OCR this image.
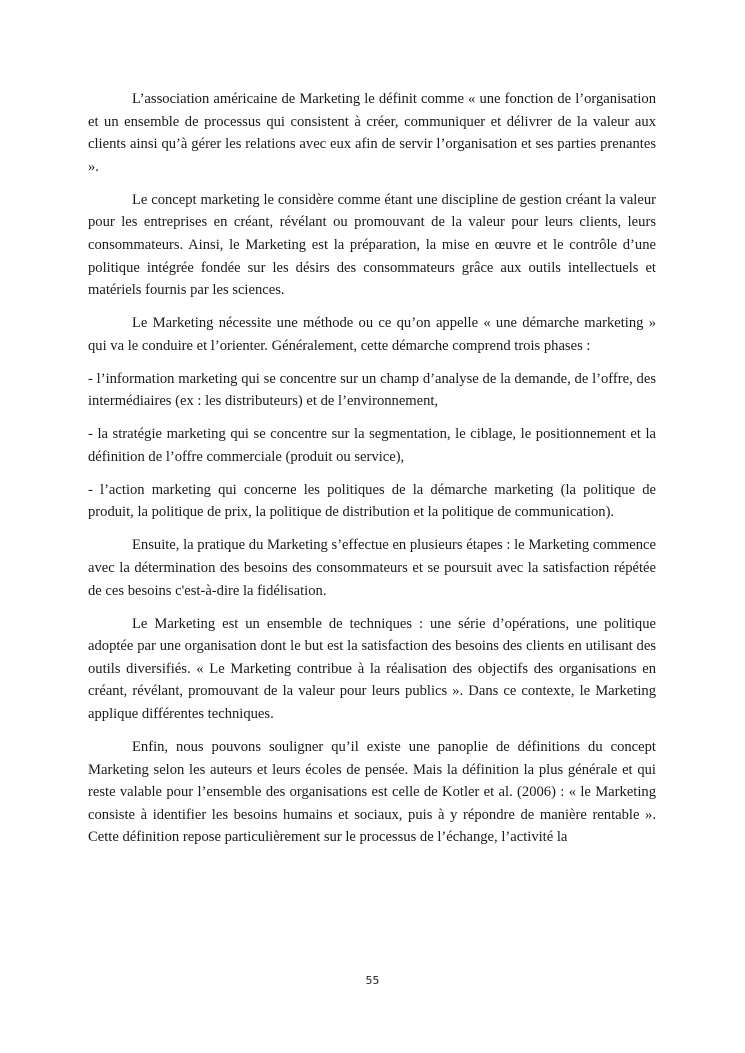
L’association américaine de Marketing le définit comme « une fonction de l’organisation et un ensemble de processus qui consistent à créer, communiquer et délivrer de la valeur aux clients ainsi qu’à gérer les relations avec eux afin de servir l’organisation et ses parties prenantes ».

Le concept marketing le considère comme étant une discipline de gestion créant la valeur pour les entreprises en créant, révélant ou promouvant de la valeur pour leurs clients, leurs consommateurs. Ainsi, le Marketing est la préparation, la mise en œuvre et le contrôle d’une politique intégrée fondée sur les désirs des consommateurs grâce aux outils intellectuels et matériels fournis par les sciences.

Le Marketing nécessite une méthode ou ce qu’on appelle « une démarche marketing » qui va le conduire et l’orienter. Généralement, cette démarche comprend trois phases :

- l’information marketing qui se concentre sur un champ d’analyse de la demande, de l’offre, des intermédiaires (ex : les distributeurs) et de l’environnement,

- la stratégie marketing qui se concentre sur la segmentation, le ciblage, le positionnement et la définition de l’offre commerciale (produit ou service),

- l’action marketing qui concerne les politiques de la démarche marketing (la politique de produit, la politique de prix, la politique de distribution et la politique de communication).

Ensuite, la pratique du Marketing s’effectue en plusieurs étapes : le Marketing commence avec la détermination des besoins des consommateurs et se poursuit avec la satisfaction répétée de ces besoins c'est-à-dire la fidélisation.

Le Marketing est un ensemble de techniques : une série d’opérations, une politique adoptée par une organisation dont le but est la satisfaction des besoins des clients en utilisant des outils diversifiés. « Le Marketing contribue à la réalisation des objectifs des organisations en créant, révélant, promouvant de la valeur pour leurs publics ». Dans ce contexte, le Marketing applique différentes techniques.

Enfin, nous pouvons souligner qu’il existe une panoplie de définitions du concept Marketing selon les auteurs et leurs écoles de pensée. Mais la définition la plus générale et qui reste valable pour l’ensemble des organisations est celle de Kotler et al. (2006) : « le Marketing consiste à identifier les besoins humains et sociaux, puis à y répondre de manière rentable ». Cette définition repose particulièrement sur le processus de l’échange, l’activité la

55
